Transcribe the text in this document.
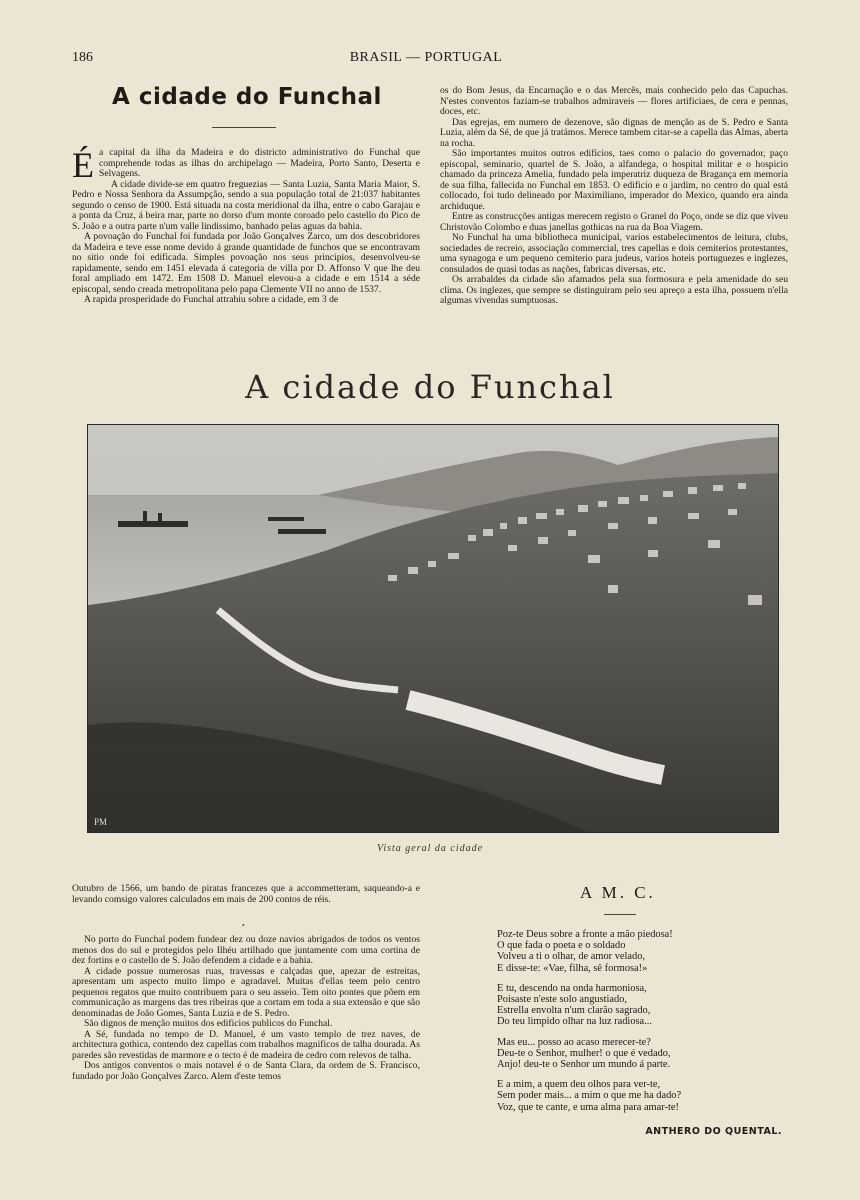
186	BRASIL — PORTUGAL
A cidade do Funchal

Éa capital da ilha da Madeira e do districto administrativo do Funchal que comprehende todas as ilhas do archipelago — Madeira, Porto Santo, Deserta e Selvagens.

A cidade divide-se em quatro freguezias — Santa Luzia, Santa Maria Maior, S. Pedro e Nossa Senhora da Assumpção, sendo a sua população total de 21:037 habitantes segundo o censo de 1900. Está situada na costa meridional da ilha, entre o cabo Garajau e a ponta da Cruz, á beira mar, parte no dorso d'um monte coroado pelo castello do Pico de S. João e a outra parte n'um valle lindissimo, banhado pelas aguas da bahia.

A povoação do Funchal foi fundada por João Gonçalves Zarco, um dos descobridores da Madeira e teve esse nome devido á grande quantidade de funchos que se encontravam no sitio onde foi edificada. Simples povoação nos seus principios, desenvolveu-se rapidamente, sendo em 1451 elevada á categoria de villa por D. Affonso V que lhe deu foral ampliado em 1472. Em 1508 D. Manuel elevou-a a cidade e em 1514 a séde episcopal, sendo creada metropolitana pelo papa Clemente VII no anno de 1537.

A rapida prosperidade do Funchal attrahiu sobre a cidade, em 3 de

os do Bom Jesus, da Encarnação e o das Mercês, mais conhecido pelo das Capuchas. N'estes conventos faziam-se trabalhos admiraveis — flores artificiaes, de cera e pennas, doces, etc.

Das egrejas, em numero de dezenove, são dignas de menção as de S. Pedro e Santa Luzia, além da Sé, de que já tratámos. Merece tambem citar-se a capella das Almas, aberta na rocha.

São importantes muitos outros edificios, taes como o palacio do governador, paço episcopal, seminario, quartel de S. João, a alfandega, o hospital militar e o hospicio chamado da princeza Amelia, fundado pela imperatriz duqueza de Bragança em memoria de sua filha, fallecida no Funchal em 1853. O edificio e o jardim, no centro do qual está collocado, foi tudo delineado por Maximiliano, imperador do Mexico, quando era ainda archiduque.

Entre as construcções antigas merecem registo o Granel do Poço, onde se diz que viveu Christovão Colombo e duas janellas gothicas na rua da Boa Viagem.

No Funchal ha uma bibliotheca municipal, varios estabelecimentos de leitura, clubs, sociedades de recreio, associação commercial, tres capellas e dois cemiterios protestantes, uma synagoga e um pequeno cemiterio para judeus, varios hoteis portuguezes e inglezes, consulados de quasi todas as nações, fabricas diversas, etc.

Os arrabaldes da cidade são afamados pela sua formosura e pela amenidade do seu clima. Os inglezes, que sempre se distinguiram pelo seu apreço a esta ilha, possuem n'ella algumas vivendas sumptuosas.

A cidade do Funchal
PM
Vista geral da cidade

Outubro de 1566, um bando de piratas francezes que a accommetteram, saqueando-a e levando comsigo valores calculados em mais de 200 contos de réis.

No porto do Funchal podem fundear dez ou doze navios abrigados de todos os ventos menos dos do sul e protegidos pelo Ilhéu artilhado que juntamente com uma cortina de dez fortins e o castello de S. João defendem a cidade e a bahia.

A cidade possue numerosas ruas, travessas e calçadas que, apezar de estreitas, apresentam um aspecto muito limpo e agradavel. Muitas d'ellas teem pelo centro pequenos regatos que muito contribuem para o seu asseio. Tem oito pontes que põem em communicação as margens das tres ribeiras que a cortam em toda a sua extensão e que são denominadas de João Gomes, Santa Luzia e de S. Pedro.

São dignos de menção muitos dos edificios publicos do Funchal.

A Sé, fundada no tempo de D. Manuel, é um vasto templo de trez naves, de architectura gothica, contendo dez capellas com trabalhos magnificos de talha dourada. As paredes são revestidas de marmore e o tecto é de madeira de cedro com relevos de talha.

Dos antigos conventos o mais notavel é o de Santa Clara, da ordem de S. Francisco, fundado por João Gonçalves Zarco. Alem d'este temos

•
A M. C.
Poz-te Deus sobre a fronte a mão piedosa!
O que fada o poeta e o soldado
Volveu a ti o olhar, de amor velado,
E disse-te: «Vae, filha, sê formosa!»
E tu, descendo na onda harmoniosa,
Poisaste n'este solo angustiado,
Estrella envolta n'um clarão sagrado,
Do teu limpido olhar na luz radiosa...
Mas eu... posso ao acaso merecer-te?
Deu-te o Senhor, mulher! o que é vedado,
Anjo! deu-te o Senhor um mundo á parte.
E a mim, a quem deu olhos para ver-te,
Sem poder mais... a mim o que me ha dado?
Voz, que te cante, e uma alma para amar-te!
ANTHERO DO QUENTAL.
